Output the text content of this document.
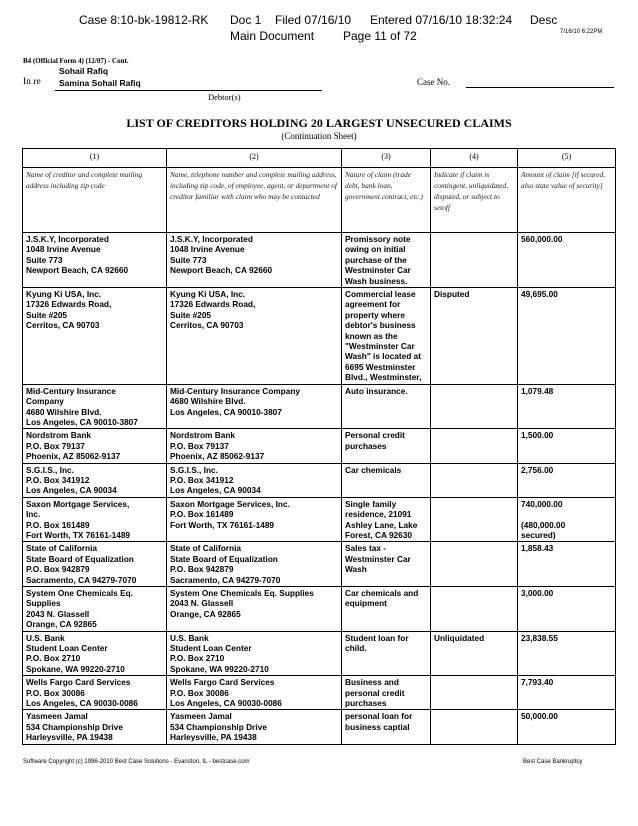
Case 8:10-bk-19812-RK Doc 1 Filed 07/16/10 Entered 07/16/10 18:32:24 Desc
Main Document Page 11 of 72	7/16/10 6:22PM
B4 (Official Form 4) (12/07) - Cont.
In re
Sohail Rafiq
Samina Sohail Rafiq
Debtor(s)
Case No.
LIST OF CREDITORS HOLDING 20 LARGEST UNSECURED CLAIMS
(Continuation Sheet)
(1)	(2)	(3)	(4)	(5)
Name of creditor and complete mailing address including zip code	Name, telephone number and complete mailing address, including zip code, of employee, agent, or department of creditor familiar with claim who may be contacted	Nature of claim (trade debt, bank loan, government contract, etc.)	Indicate if claim is contingent, unliquidated, disputed, or subject to setoff	Amount of claim [if secured, also state value of security]
J.S.K.Y, Incorporated
1048 Irvine Avenue
Suite 773
Newport Beach, CA 92660	J.S.K.Y, Incorporated
1048 Irvine Avenue
Suite 773
Newport Beach, CA 92660	Promissory note owing on initial purchase of the Westminster Car Wash business.		560,000.00
Kyung Ki USA, Inc.
17326 Edwards Road,
Suite #205
Cerritos, CA 90703	Kyung Ki USA, Inc.
17326 Edwards Road,
Suite #205
Cerritos, CA 90703	Commercial lease agreement for property where debtor's business known as the "Westminster Car Wash" is located at 6695 Westminster Blvd., Westminster,	Disputed	49,695.00
Mid-Century Insurance
Company
4680 Wilshire Blvd.
Los Angeles, CA 90010-3807	Mid-Century Insurance Company
4680 Wilshire Blvd.
Los Angeles, CA 90010-3807	Auto insurance.		1,079.48
Nordstrom Bank
P.O. Box 79137
Phoenix, AZ 85062-9137	Nordstrom Bank
P.O. Box 79137
Phoenix, AZ 85062-9137	Personal credit purchases		1,500.00
S.G.I.S., Inc.
P.O. Box 341912
Los Angeles, CA 90034	S.G.I.S., Inc.
P.O. Box 341912
Los Angeles, CA 90034	Car chemicals		2,756.00
Saxon Mortgage Services,
Inc.
P.O. Box 161489
Fort Worth, TX 76161-1489	Saxon Mortgage Services, Inc.
P.O. Box 161489
Fort Worth, TX 76161-1489	Single family residence, 21091 Ashley Lane, Lake Forest, CA 92630		740,000.00

(480,000.00
secured)
State of California
State Board of Equalization
P.O. Box 942879
Sacramento, CA 94279-7070	State of California
State Board of Equalization
P.O. Box 942879
Sacramento, CA 94279-7070	Sales tax - Westminster Car Wash		1,858.43
System One Chemicals Eq.
Supplies
2043 N. Glassell
Orange, CA 92865	System One Chemicals Eq. Supplies
2043 N. Glassell
Orange, CA 92865	Car chemicals and equipment		3,000.00
U.S. Bank
Student Loan Center
P.O. Box 2710
Spokane, WA 99220-2710	U.S. Bank
Student Loan Center
P.O. Box 2710
Spokane, WA 99220-2710	Student loan for child.	Unliquidated	23,838.55
Wells Fargo Card Services
P.O. Box 30086
Los Angeles, CA 90030-0086	Wells Fargo Card Services
P.O. Box 30086
Los Angeles, CA 90030-0086	Business and personal credit purchases		7,793.40
Yasmeen Jamal
534 Championship Drive
Harleysville, PA 19438	Yasmeen Jamal
534 Championship Drive
Harleysville, PA 19438	personal loan for business captial		50,000.00
Software Copyright (c) 1996-2010 Best Case Solutions - Evanston, IL - bestcase.com	Best Case Bankruptcy
